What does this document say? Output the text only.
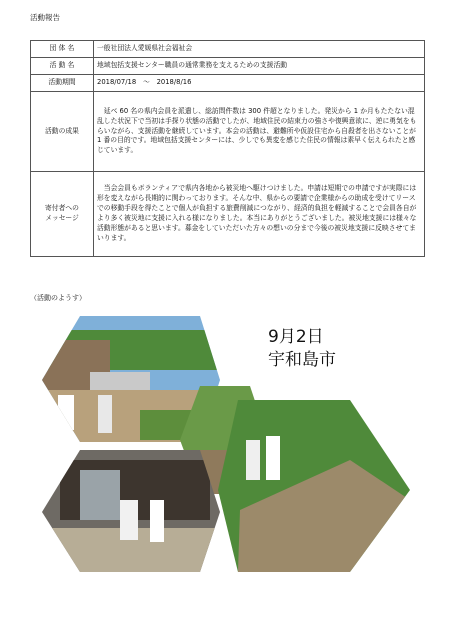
活動報告
団 体 名	一般社団法人愛媛県社会福祉会
活 動 名	地域包括支援センター職員の通常業務を支えるための支援活動
活動期間	2018/07/18　～　2018/8/16
活動の成果	延べ 60 名の県内会員を派遣し、総訪問件数は 300 件超となりました。発災から 1 か月もたたない混乱した状況下で当初は手探り状態の活動でしたが、地域住民の結束力の強さや復興意欲に、逆に勇気をもらいながら、支援活動を継続しています。本会の活動は、避難所や仮設住宅から自殺者を出さないことが 1 番の目的です。地域包括支援センターには、少しでも異変を感じた住民の情報は素早く伝えられたと感じています。
寄付者への
メッセージ	当会会員もボランティアで県内各地から被災地へ駆けつけました。申請は短期での申請ですが実際には形を変えながら長期的に関わっております。そんな中、県からの要請で企業様からの助成を受けてリースでの移動手段を得たことで個人が負担する旅費削減につながり、経済的負担を軽減することで会員各自がより多く被災地に支援に入れる様になりました。本当にありがとうございました。被災地支援には様々な活動形態があると思います。募金をしていただいた方々の想いの分まで今後の被災地支援に反映させてまいります。
（活動のようす）
9月2日
宇和島市
